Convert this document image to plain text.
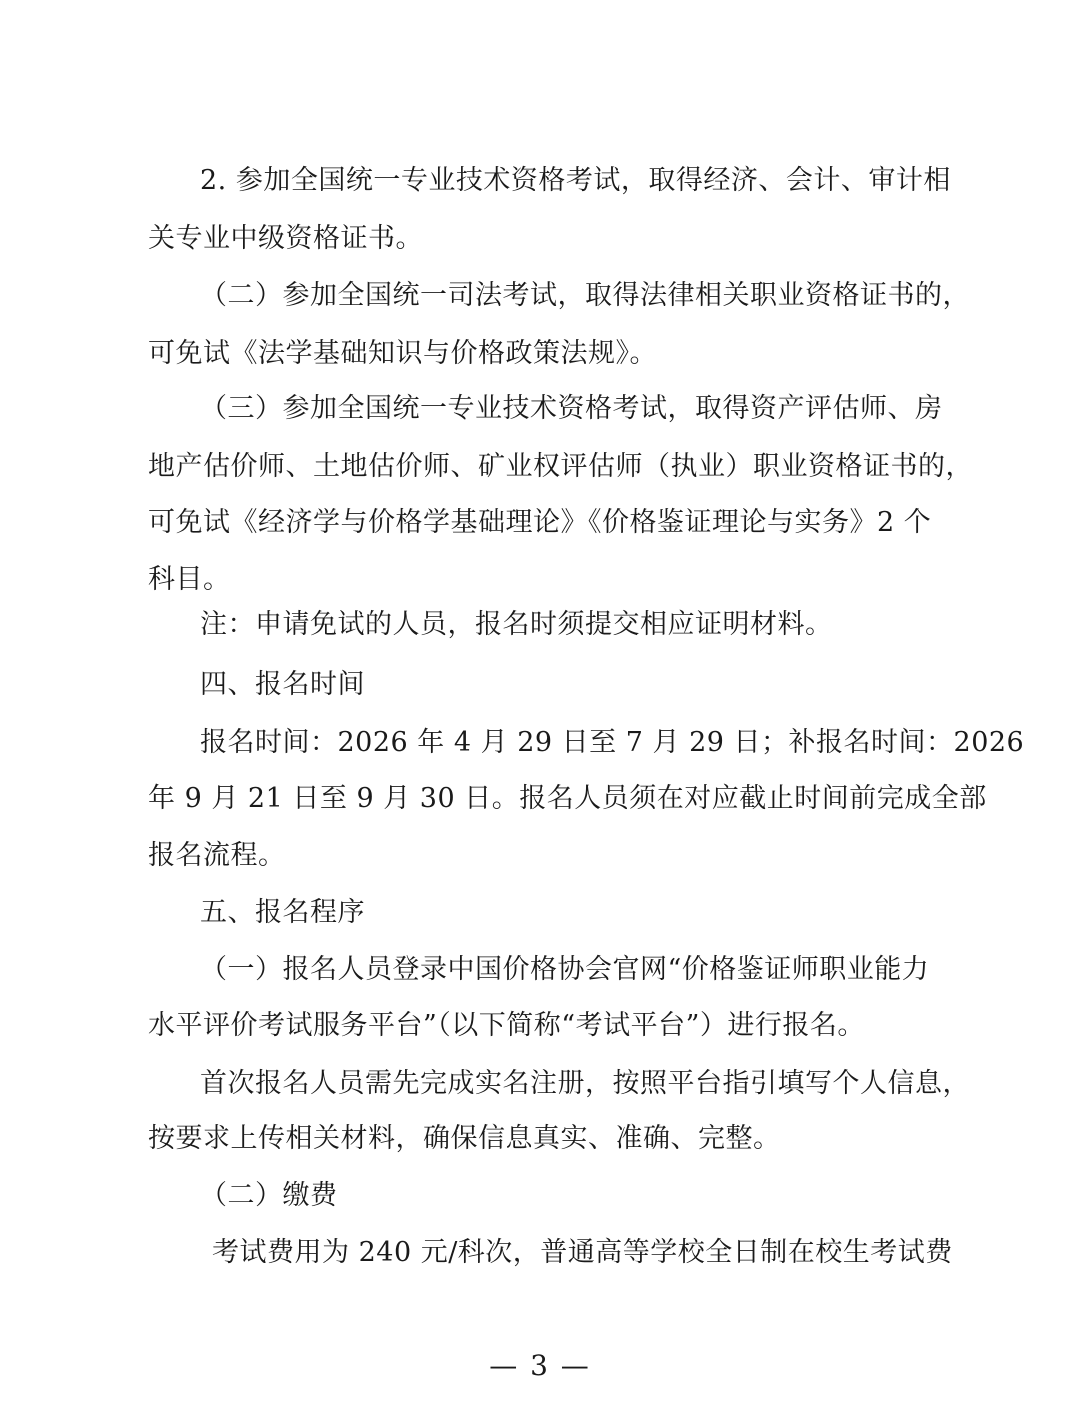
2. 参加全国统一专业技术资格考试，取得经济、会计、审计相
关专业中级资格证书。
（二）参加全国统一司法考试，取得法律相关职业资格证书的，
可免试《法学基础知识与价格政策法规》。
（三）参加全国统一专业技术资格考试，取得资产评估师、房
地产估价师、土地估价师、矿业权评估师（执业）职业资格证书的，
可免试《经济学与价格学基础理论》《价格鉴证理论与实务》2 个
科目。
注：申请免试的人员，报名时须提交相应证明材料。
四、报名时间
报名时间：2026 年 4 月 29 日至 7 月 29 日；补报名时间：2026
年 9 月 21 日至 9 月 30 日。报名人员须在对应截止时间前完成全部
报名流程。
五、报名程序
（一）报名人员登录中国价格协会官网“价格鉴证师职业能力
水平评价考试服务平台”（以下简称“考试平台”）进行报名。
首次报名人员需先完成实名注册，按照平台指引填写个人信息，
按要求上传相关材料，确保信息真实、准确、完整。
（二）缴费
考试费用为 240 元/科次，普通高等学校全日制在校生考试费
— 3 —
